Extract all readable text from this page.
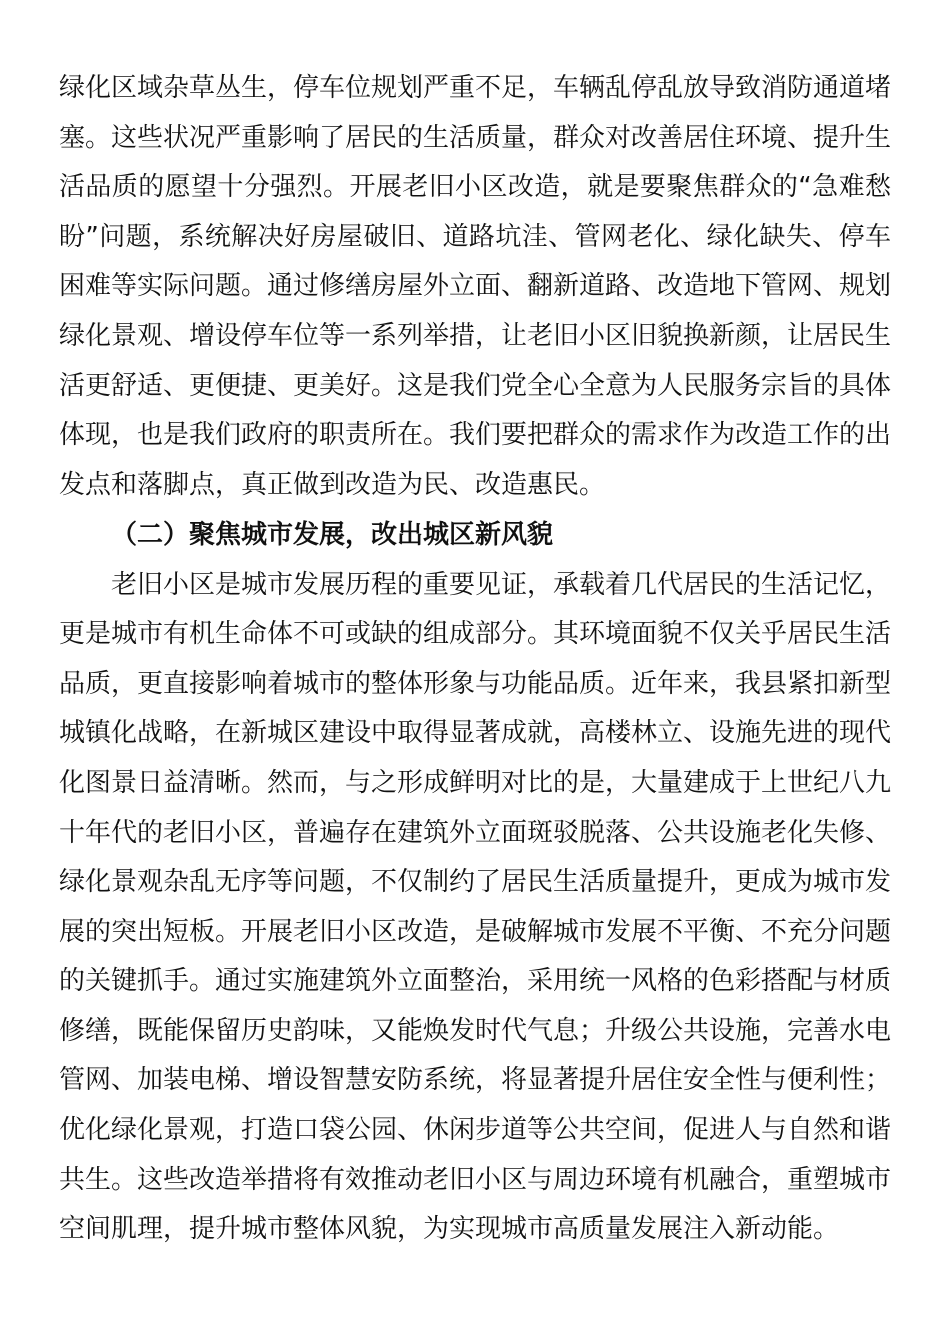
绿化区域杂草丛生，停车位规划严重不足，车辆乱停乱放导致消防通道堵
塞。这些状况严重影响了居民的生活质量，群众对改善居住环境、提升生
活品质的愿望十分强烈。开展老旧小区改造，就是要聚焦群众的“急难愁
盼”问题，系统解决好房屋破旧、道路坑洼、管网老化、绿化缺失、停车
困难等实际问题。通过修缮房屋外立面、翻新道路、改造地下管网、规划
绿化景观、增设停车位等一系列举措，让老旧小区旧貌换新颜，让居民生
活更舒适、更便捷、更美好。这是我们党全心全意为人民服务宗旨的具体
体现，也是我们政府的职责所在。我们要把群众的需求作为改造工作的出
发点和落脚点，真正做到改造为民、改造惠民。
（二）聚焦城市发展，改出城区新风貌
老旧小区是城市发展历程的重要见证，承载着几代居民的生活记忆，
更是城市有机生命体不可或缺的组成部分。其环境面貌不仅关乎居民生活
品质，更直接影响着城市的整体形象与功能品质。近年来，我县紧扣新型
城镇化战略，在新城区建设中取得显著成就，高楼林立、设施先进的现代
化图景日益清晰。然而，与之形成鲜明对比的是，大量建成于上世纪八九
十年代的老旧小区，普遍存在建筑外立面斑驳脱落、公共设施老化失修、
绿化景观杂乱无序等问题，不仅制约了居民生活质量提升，更成为城市发
展的突出短板。开展老旧小区改造，是破解城市发展不平衡、不充分问题
的关键抓手。通过实施建筑外立面整治，采用统一风格的色彩搭配与材质
修缮，既能保留历史韵味，又能焕发时代气息；升级公共设施，完善水电
管网、加装电梯、增设智慧安防系统，将显著提升居住安全性与便利性；
优化绿化景观，打造口袋公园、休闲步道等公共空间，促进人与自然和谐
共生。这些改造举措将有效推动老旧小区与周边环境有机融合，重塑城市
空间肌理，提升城市整体风貌，为实现城市高质量发展注入新动能。
